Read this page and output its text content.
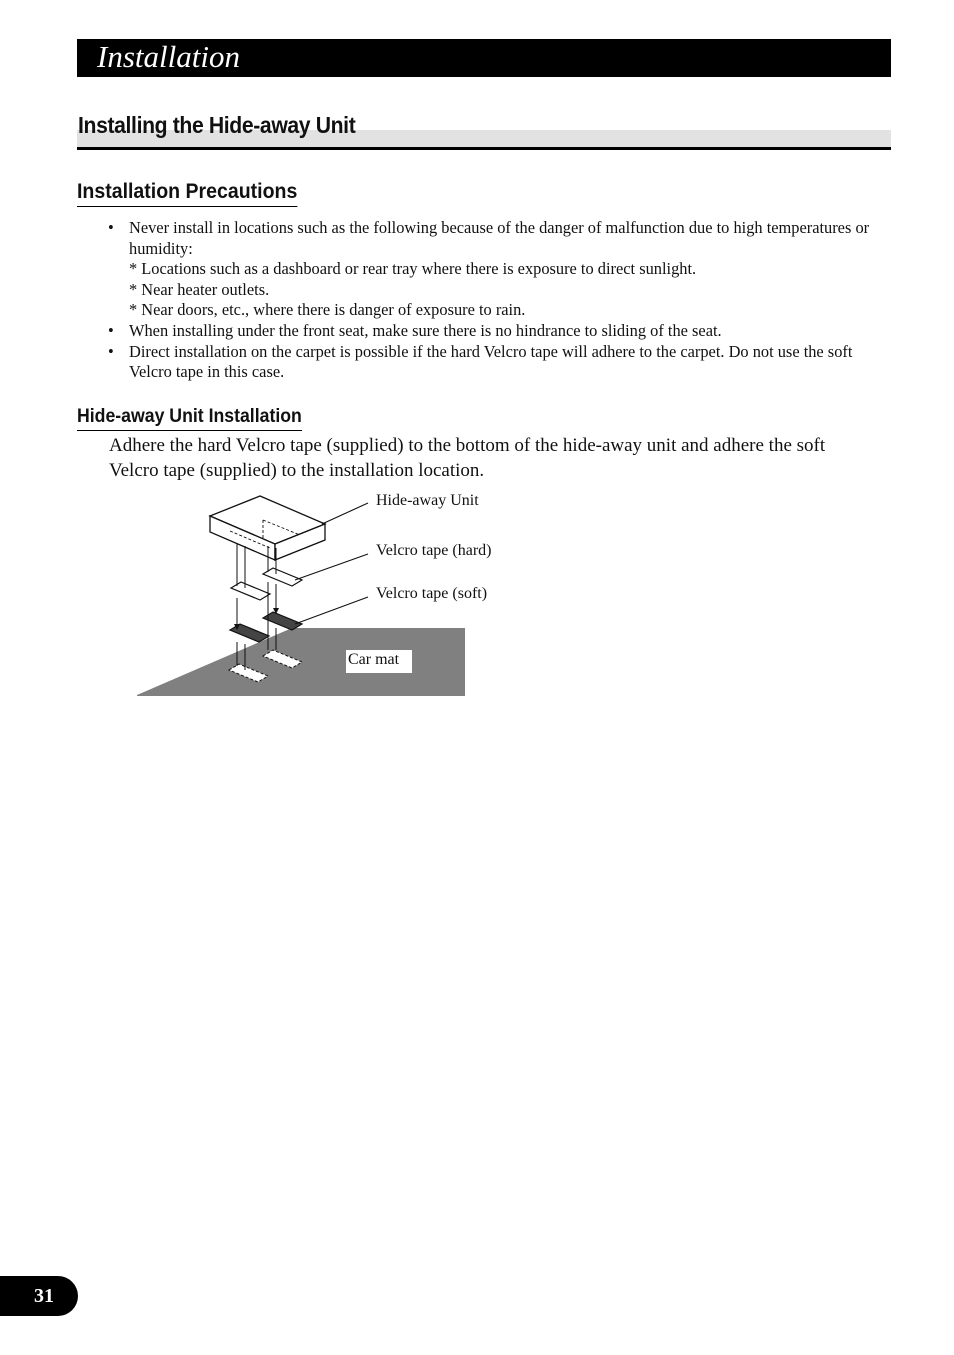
Installation
Installing the Hide-away Unit
Installation Precautions
• Never install in locations such as the following because of the danger of malfunction due to high temperatures or humidity:
* Locations such as a dashboard or rear tray where there is exposure to direct sunlight.
* Near heater outlets.
* Near doors, etc., where there is danger of exposure to rain.
• When installing under the front seat, make sure there is no hindrance to sliding of the seat.
• Direct installation on the carpet is possible if the hard Velcro tape will adhere to the carpet. Do not use the soft Velcro tape in this case.
Hide-away Unit Installation

Adhere the hard Velcro tape (supplied) to the bottom of the hide-away unit and adhere the soft Velcro tape (supplied) to the installation location.

Hide-away Unit
Velcro tape (hard)
Velcro tape (soft)
Car mat
31
